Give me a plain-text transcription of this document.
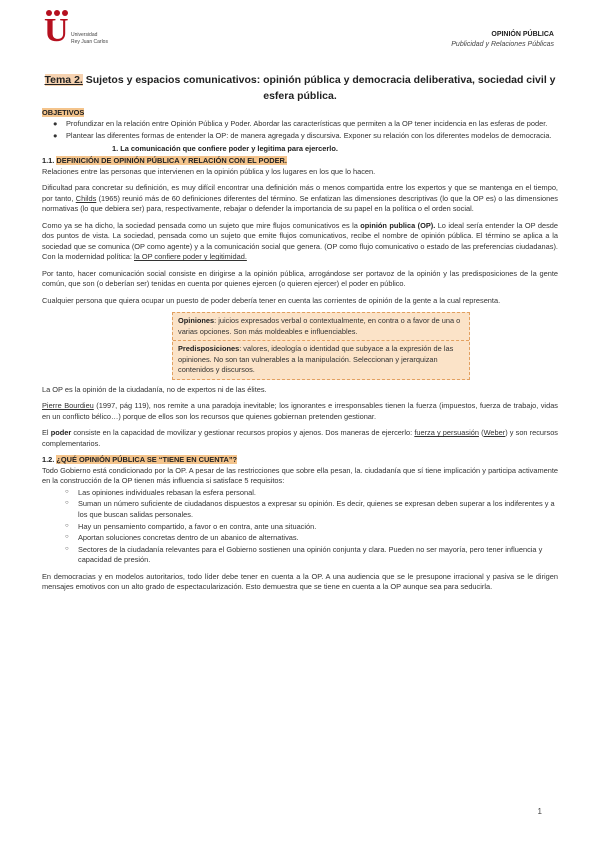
U Universidad
Rey Juan Carlos
OPINIÓN PÚBLICA
Publicidad y Relaciones Públicas
Tema 2. Sujetos y espacios comunicativos: opinión pública y democracia deliberativa, sociedad civil y esfera pública.
OBJETIVOS
● Profundizar en la relación entre Opinión Pública y Poder. Abordar las características que permiten a la OP tener incidencia en las esferas de poder.
● Plantear las diferentes formas de entender la OP: de manera agregada y discursiva. Exponer su relación con los diferentes modelos de democracia.
1. La comunicación que confiere poder y legitima para ejercerlo.
1.1. DEFINICIÓN DE OPINIÓN PÚBLICA Y RELACIÓN CON EL PODER.

Relaciones entre las personas que intervienen en la opinión pública y los lugares en los que lo hacen.

Dificultad para concretar su definición, es muy difícil encontrar una definición más o menos compartida entre los expertos y que se mantenga en el tiempo, por tanto, Childs (1965) reunió más de 60 definiciones diferentes del término. Se enfatizan las dimensiones descriptivas (lo que la OP es) o las dimensiones normativas (lo que debiera ser) para, respectivamente, rebajar o defender la importancia de su papel en la política o el orden social.

Como ya se ha dicho, la sociedad pensada como un sujeto que mire flujos comunicativos es la opinión publica (OP). Lo ideal sería entender la OP desde dos puntos de vista. La sociedad, pensada como un sujeto que emite flujos comunicativos, recibe el nombre de opinión pública. El término se aplica a la sociedad que se comunica (OP como agente) y a la comunicación social que genera. (OP como flujo comunicativo o estado de las preferencias ciudadanas). Con la modernidad política: la OP confiere poder y legitimidad.

Por tanto, hacer comunicación social consiste en dirigirse a la opinión pública, arrogándose ser portavoz de la opinión y las predisposiciones de la gente común, que son (o deberían ser) tenidas en cuenta por quienes ejercen (o quieren ejercer) el poder en público.

Cualquier persona que quiera ocupar un puesto de poder debería tener en cuenta las corrientes de opinión de la gente a la cual representa.

Opiniones: juicios expresados verbal o contextualmente, en contra o a favor de una o varias opciones. Son más moldeables e influenciables.
Predisposiciones: valores, ideología o identidad que subyace a la expresión de las opiniones. No son tan vulnerables a la manipulación. Seleccionan y jerarquizan contenidos y discursos.

La OP es la opinión de la ciudadanía, no de expertos ni de las élites.

Pierre Bourdieu (1997, pág 119), nos remite a una paradoja inevitable; los ignorantes e irresponsables tienen la fuerza (impuestos, fuerza de trabajo, vidas en un conflicto bélico…) porque de ellos son los recursos que quienes gobiernan pretenden gestionar.

El poder consiste en la capacidad de movilizar y gestionar recursos propios y ajenos. Dos maneras de ejercerlo: fuerza y persuasión (Weber) y son recursos complementarios.

1.2. ¿QUÉ OPINIÓN PÚBLICA SE “TIENE EN CUENTA”?

Todo Gobierno está condicionado por la OP. A pesar de las restricciones que sobre ella pesan, la. ciudadanía que sí tiene implicación y participa activamente en la construcción de la OP tienen más influencia si satisface 5 requisitos:

○ Las opiniones individuales rebasan la esfera personal.
○ Suman un número suficiente de ciudadanos dispuestos a expresar su opinión. Es decir, quienes se expresan deben superar a los indiferentes y a los que buscan salidas personales.
○ Hay un pensamiento compartido, a favor o en contra, ante una situación.
○ Aportan soluciones concretas dentro de un abanico de alternativas.
○ Sectores de la ciudadanía relevantes para el Gobierno sostienen una opinión conjunta y clara. Pueden no ser mayoría, pero tener influencia y capacidad de presión.

En democracias y en modelos autoritarios, todo líder debe tener en cuenta a la OP. A una audiencia que se le presupone irracional y pasiva se le dirigen mensajes emotivos con un alto grado de espectacularización. Esto demuestra que se tiene en cuenta a la OP aunque sea para seducirla.

1
